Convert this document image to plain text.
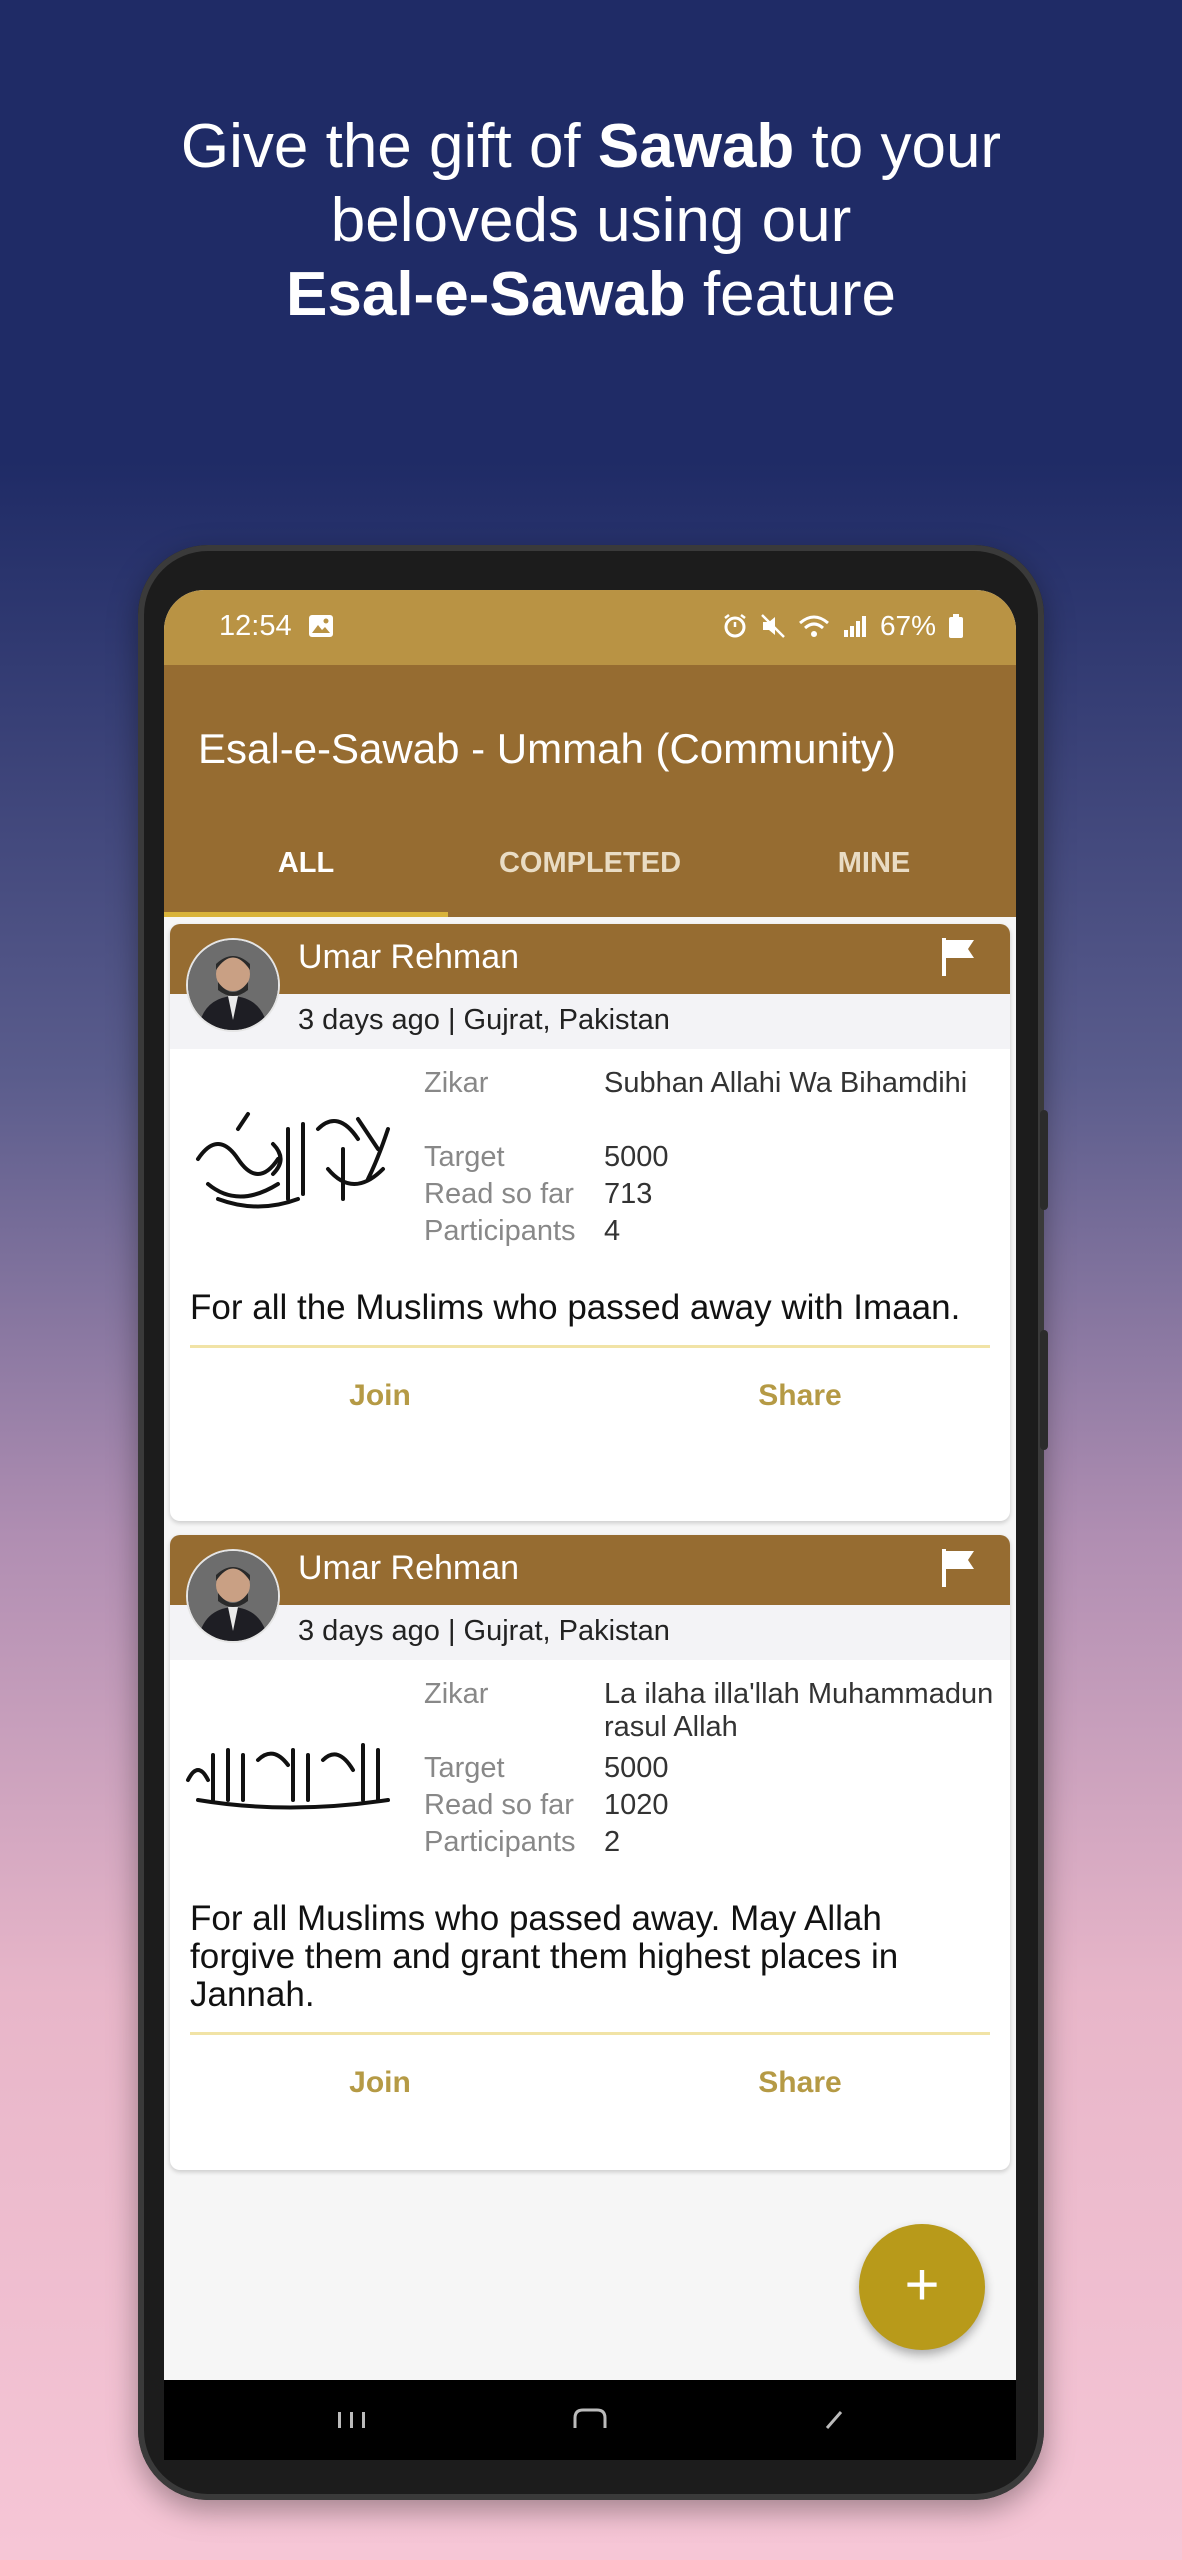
Give the gift of Sawab to your
beloveds using our
Esal-e-Sawab feature
12:54	67%
Esal-e-Sawab - Ummah (Community)
ALL	COMPLETED	MINE
Umar Rehman
3 days ago | Gujrat, Pakistan
Zikar	Subhan Allahi Wa Bihamdihi
Target	5000
Read so far	713
Participants 4
For all the Muslims who passed away with Imaan.
Join	Share
Umar Rehman
3 days ago | Gujrat, Pakistan
Zikar	La ilaha illa'llah Muhammadun rasul Allah
Target	5000
Read so far	1020
Participants 2
For all Muslims who passed away. May Allah forgive them and grant them highest places in Jannah.
Join	Share
+
